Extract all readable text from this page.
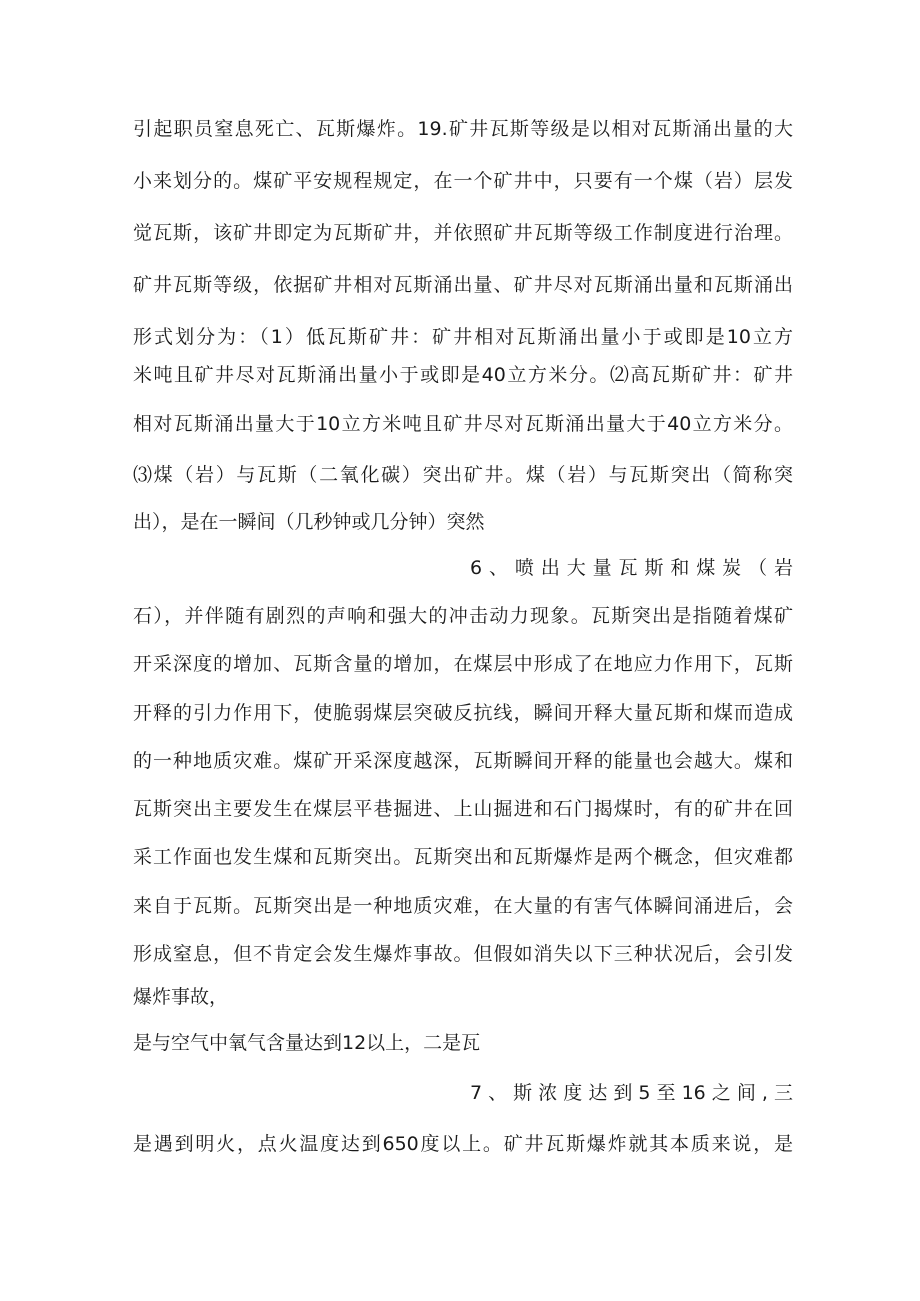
引起职员窒息死亡、瓦斯爆炸。19.矿井瓦斯等级是以相对瓦斯涌出量的大
小来划分的。煤矿平安规程规定，在一个矿井中，只要有一个煤（岩）层发
觉瓦斯，该矿井即定为瓦斯矿井，并依照矿井瓦斯等级工作制度进行治理。
矿井瓦斯等级，依据矿井相对瓦斯涌出量、矿井尽对瓦斯涌出量和瓦斯涌出
形式划分为：（1）低瓦斯矿井：矿井相对瓦斯涌出量小于或即是10立方
米吨且矿井尽对瓦斯涌出量小于或即是40立方米分。⑵高瓦斯矿井：矿井
相对瓦斯涌出量大于10立方米吨且矿井尽对瓦斯涌出量大于40立方米分。
⑶煤（岩）与瓦斯（二氧化碳）突出矿井。煤（岩）与瓦斯突出（简称突
出），是在一瞬间（几秒钟或几分钟）突然
6、喷出大量瓦斯和煤炭（岩
石），并伴随有剧烈的声响和强大的冲击动力现象。瓦斯突出是指随着煤矿
开采深度的增加、瓦斯含量的增加，在煤层中形成了在地应力作用下，瓦斯
开释的引力作用下，使脆弱煤层突破反抗线，瞬间开释大量瓦斯和煤而造成
的一种地质灾难。煤矿开采深度越深，瓦斯瞬间开释的能量也会越大。煤和
瓦斯突出主要发生在煤层平巷掘进、上山掘进和石门揭煤时，有的矿井在回
采工作面也发生煤和瓦斯突出。瓦斯突出和瓦斯爆炸是两个概念，但灾难都
来自于瓦斯。瓦斯突出是一种地质灾难，在大量的有害气体瞬间涌进后，会
形成窒息，但不肯定会发生爆炸事故。但假如消失以下三种状况后，会引发
爆炸事故，
是与空气中氧气含量达到12以上，二是瓦
7、斯浓度达到5至16之间,三
是遇到明火，点火温度达到650度以上。矿井瓦斯爆炸就其本质来说，是
